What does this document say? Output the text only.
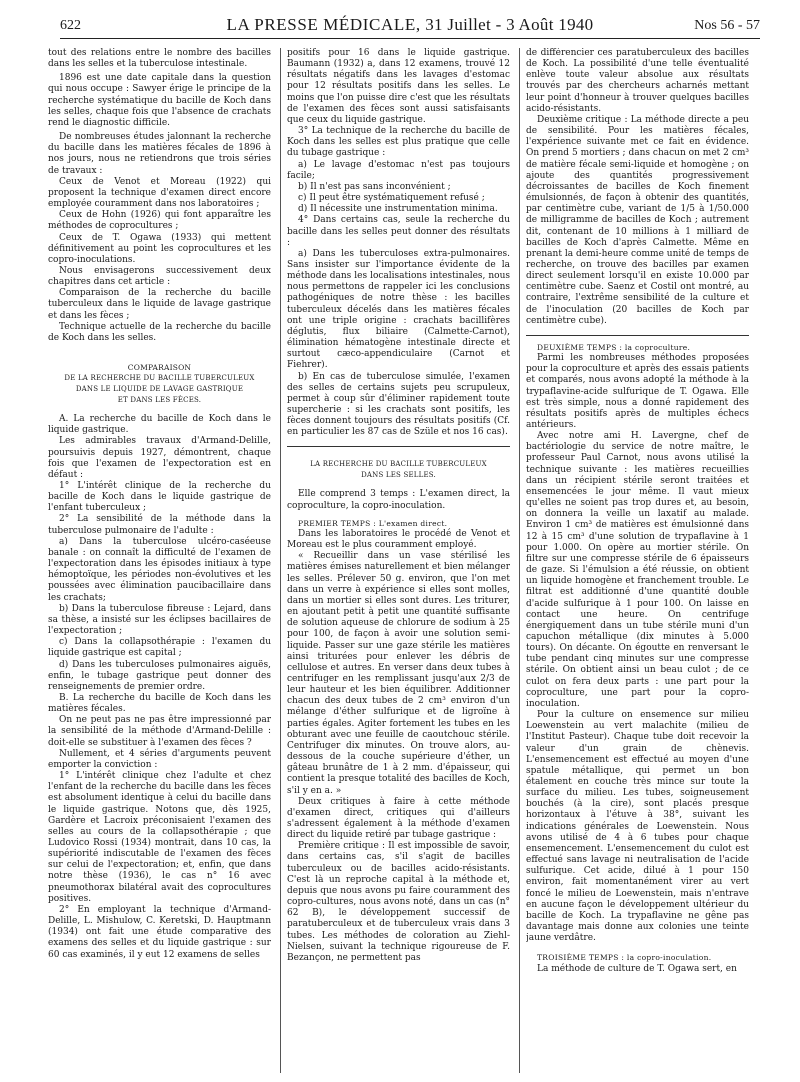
622	LA PRESSE MÉDICALE, 31 Juillet - 3 Août 1940	Nos 56 - 57

tout des relations entre le nombre des bacilles dans les selles et la tuberculose intestinale.

1896 est une date capitale dans la question qui nous occupe : Sawyer érige le principe de la recherche systématique du bacille de Koch dans les selles, chaque fois que l'absence de crachats rend le diagnostic difficile.

De nombreuses études jalonnant la recherche du bacille dans les matières fécales de 1896 à nos jours, nous ne retiendrons que trois séries de travaux :

Ceux de Venot et Moreau (1922) qui proposent la technique d'examen direct encore employée couramment dans nos laboratoires ;

Ceux de Hohn (1926) qui font apparaître les méthodes de coprocultures ;

Ceux de T. Ogawa (1933) qui mettent définitivement au point les coprocultures et les copro-inoculations.

Nous envisagerons successivement deux chapitres dans cet article :

Comparaison de la recherche du bacille tuberculeux dans le liquide de lavage gastrique et dans les fèces ;

Technique actuelle de la recherche du bacille de Koch dans les selles.

COMPARAISON
DE LA RECHERCHE DU BACILLE TUBERCULEUX
DANS LE LIQUIDE DE LAVAGE GASTRIQUE
ET DANS LES FÈCES.

A. La recherche du bacille de Koch dans le liquide gastrique.

Les admirables travaux d'Armand-Delille, poursuivis depuis 1927, démontrent, chaque fois que l'examen de l'expectoration est en défaut :

1° L'intérêt clinique de la recherche du bacille de Koch dans le liquide gastrique de l'enfant tuberculeux ;

2° La sensibilité de la méthode dans la tuberculose pulmonaire de l'adulte :

a) Dans la tuberculose ulcéro-caséeuse banale : on connaît la difficulté de l'examen de l'expectoration dans les épisodes initiaux à type hémoptoïque, les périodes non-évolutives et les poussées avec élimination paucibacillaire dans les crachats;

b) Dans la tuberculose fibreuse : Lejard, dans sa thèse, a insisté sur les éclipses bacillaires de l'expectoration ;

c) Dans la collapsothérapie : l'examen du liquide gastrique est capital ;

d) Dans les tuberculoses pulmonaires aiguës, enfin, le tubage gastrique peut donner des renseignements de premier ordre.

B. La recherche du bacille de Koch dans les matières fécales.

On ne peut pas ne pas être impressionné par la sensibilité de la méthode d'Armand-Delille : doit-elle se substituer à l'examen des fèces ?

Nullement, et 4 séries d'arguments peuvent emporter la conviction :

1° L'intérêt clinique chez l'adulte et chez l'enfant de la recherche du bacille dans les fèces est absolument identique à celui du bacille dans le liquide gastrique. Notons que, dès 1925, Gardère et Lacroix préconisaient l'examen des selles au cours de la collapsothérapie ; que Ludovico Rossi (1934) montrait, dans 10 cas, la supériorité indiscutable de l'examen des fèces sur celui de l'expectoration; et, enfin, que dans notre thèse (1936), le cas n° 16 avec pneumothorax bilatéral avait des coprocultures positives.

2° En employant la technique d'Armand-Delille, L. Mishulow, C. Keretski, D. Hauptmann (1934) ont fait une étude comparative des examens des selles et du liquide gastrique : sur 60 cas examinés, il y eut 12 examens de selles

positifs pour 16 dans le liquide gastrique. Baumann (1932) a, dans 12 examens, trouvé 12 résultats négatifs dans les lavages d'estomac pour 12 résultats positifs dans les selles. Le moins que l'on puisse dire c'est que les résultats de l'examen des fèces sont aussi satisfaisants que ceux du liquide gastrique.

3° La technique de la recherche du bacille de Koch dans les selles est plus pratique que celle du tubage gastrique :

a) Le lavage d'estomac n'est pas toujours facile;

b) Il n'est pas sans inconvénient ;

c) Il peut être systématiquement refusé ;

d) Il nécessite une instrumentation minima.

4° Dans certains cas, seule la recherche du bacille dans les selles peut donner des résultats :

a) Dans les tuberculoses extra-pulmonaires. Sans insister sur l'importance évidente de la méthode dans les localisations intestinales, nous nous permettons de rappeler ici les conclusions pathogéniques de notre thèse : les bacilles tuberculeux décelés dans les matières fécales ont une triple origine : crachats bacillifères déglutis, flux biliaire (Calmette-Carnot), élimination hématogène intestinale directe et surtout cæco-appendiculaire (Carnot et Fiehrer).

b) En cas de tuberculose simulée, l'examen des selles de certains sujets peu scrupuleux, permet à coup sûr d'éliminer rapidement toute supercherie : si les crachats sont positifs, les fèces donnent toujours des résultats positifs (Cf. en particulier les 87 cas de Szüle et nos 16 cas).

LA RECHERCHE DU BACILLE TUBERCULEUX
DANS LES SELLES.

Elle comprend 3 temps : L'examen direct, la coproculture, la copro-inoculation.

PREMIER TEMPS : L'examen direct.

Dans les laboratoires le procédé de Venot et Moreau est le plus couramment employé.

« Recueillir dans un vase stérilisé les matières émises naturellement et bien mélanger les selles. Prélever 50 g. environ, que l'on met dans un verre à expérience si elles sont molles, dans un mortier si elles sont dures. Les triturer, en ajoutant petit à petit une quantité suffisante de solution aqueuse de chlorure de sodium à 25 pour 100, de façon à avoir une solution semi-liquide. Passer sur une gaze stérile les matières ainsi triturées pour enlever les débris de cellulose et autres. En verser dans deux tubes à centrifuger en les remplissant jusqu'aux 2/3 de leur hauteur et les bien équilibrer. Additionner chacun des deux tubes de 2 cm³ environ d'un mélange d'éther sulfurique et de ligroïne à parties égales. Agiter fortement les tubes en les obturant avec une feuille de caoutchouc stérile. Centrifuger dix minutes. On trouve alors, au-dessous de la couche supérieure d'éther, un gâteau brunâtre de 1 à 2 mm. d'épaisseur, qui contient la presque totalité des bacilles de Koch, s'il y en a. »

Deux critiques à faire à cette méthode d'examen direct, critiques qui d'ailleurs s'adressent également à la méthode d'examen direct du liquide retiré par tubage gastrique :

Première critique : Il est impossible de savoir, dans certains cas, s'il s'agit de bacilles tuberculeux ou de bacilles acido-résistants. C'est là un reproche capital à la méthode et, depuis que nous avons pu faire couramment des copro-cultures, nous avons noté, dans un cas (n° 62 B), le développement successif de paratuberculeux et de tuberculeux vrais dans 3 tubes. Les méthodes de coloration au Ziehl-Nielsen, suivant la technique rigoureuse de F. Bezançon, ne permettent pas

de différencier ces paratuberculeux des bacilles de Koch. La possibilité d'une telle éventualité enlève toute valeur absolue aux résultats trouvés par des chercheurs acharnés mettant leur point d'honneur à trouver quelques bacilles acido-résistants.

Deuxième critique : La méthode directe a peu de sensibilité. Pour les matières fécales, l'expérience suivante met ce fait en évidence. On prend 5 mortiers ; dans chacun on met 2 cm³ de matière fécale semi-liquide et homogène ; on ajoute des quantités progressivement décroissantes de bacilles de Koch finement émulsionnés, de façon à obtenir des quantités, par centimètre cube, variant de 1/5 à 1/50.000 de milligramme de bacilles de Koch ; autrement dit, contenant de 10 millions à 1 milliard de bacilles de Koch d'après Calmette. Même en prenant la demi-heure comme unité de temps de recherche, on trouve des bacilles par examen direct seulement lorsqu'il en existe 10.000 par centimètre cube. Saenz et Costil ont montré, au contraire, l'extrême sensibilité de la culture et de l'inoculation (20 bacilles de Koch par centimètre cube).

DEUXIÈME TEMPS : la coproculture.

Parmi les nombreuses méthodes proposées pour la coproculture et après des essais patients et comparés, nous avons adopté la méthode à la trypaflavine-acide sulfurique de T. Ogawa. Elle est très simple, nous a donné rapidement des résultats positifs après de multiples échecs antérieurs.

Avec notre ami H. Lavergne, chef de bactériologie du service de notre maître, le professeur Paul Carnot, nous avons utilisé la technique suivante : les matières recueillies dans un récipient stérile seront traitées et ensemencées le jour même. Il vaut mieux qu'elles ne soient pas trop dures et, au besoin, on donnera la veille un laxatif au malade. Environ 1 cm³ de matières est émulsionné dans 12 à 15 cm³ d'une solution de trypaflavine à 1 pour 1.000. On opère au mortier stérile. On filtre sur une compresse stérile de 6 épaisseurs de gaze. Si l'émulsion a été réussie, on obtient un liquide homogène et franchement trouble. Le filtrat est additionné d'une quantité double d'acide sulfurique à 1 pour 100. On laisse en contact une heure. On centrifuge énergiquement dans un tube stérile muni d'un capuchon métallique (dix minutes à 5.000 tours). On décante. On égoutte en renversant le tube pendant cinq minutes sur une compresse stérile. On obtient ainsi un beau culot ; de ce culot on fera deux parts : une part pour la coproculture, une part pour la copro-inoculation.

Pour la culture on ensemence sur milieu Loewenstein au vert malachite (milieu de l'Institut Pasteur). Chaque tube doit recevoir la valeur d'un grain de chènevis. L'ensemencement est effectué au moyen d'une spatule métallique, qui permet un bon étalement en couche très mince sur toute la surface du milieu. Les tubes, soigneusement bouchés (à la cire), sont placés presque horizontaux à l'étuve à 38°, suivant les indications générales de Loewenstein. Nous avons utilisé de 4 à 6 tubes pour chaque ensemencement. L'ensemencement du culot est effectué sans lavage ni neutralisation de l'acide sulfurique. Cet acide, dilué à 1 pour 150 environ, fait momentanément virer au vert foncé le milieu de Loewenstein, mais n'entrave en aucune façon le développement ultérieur du bacille de Koch. La trypaflavine ne gêne pas davantage mais donne aux colonies une teinte jaune verdâtre.

TROISIÈME TEMPS : la copro-inoculation.

La méthode de culture de T. Ogawa sert, en
